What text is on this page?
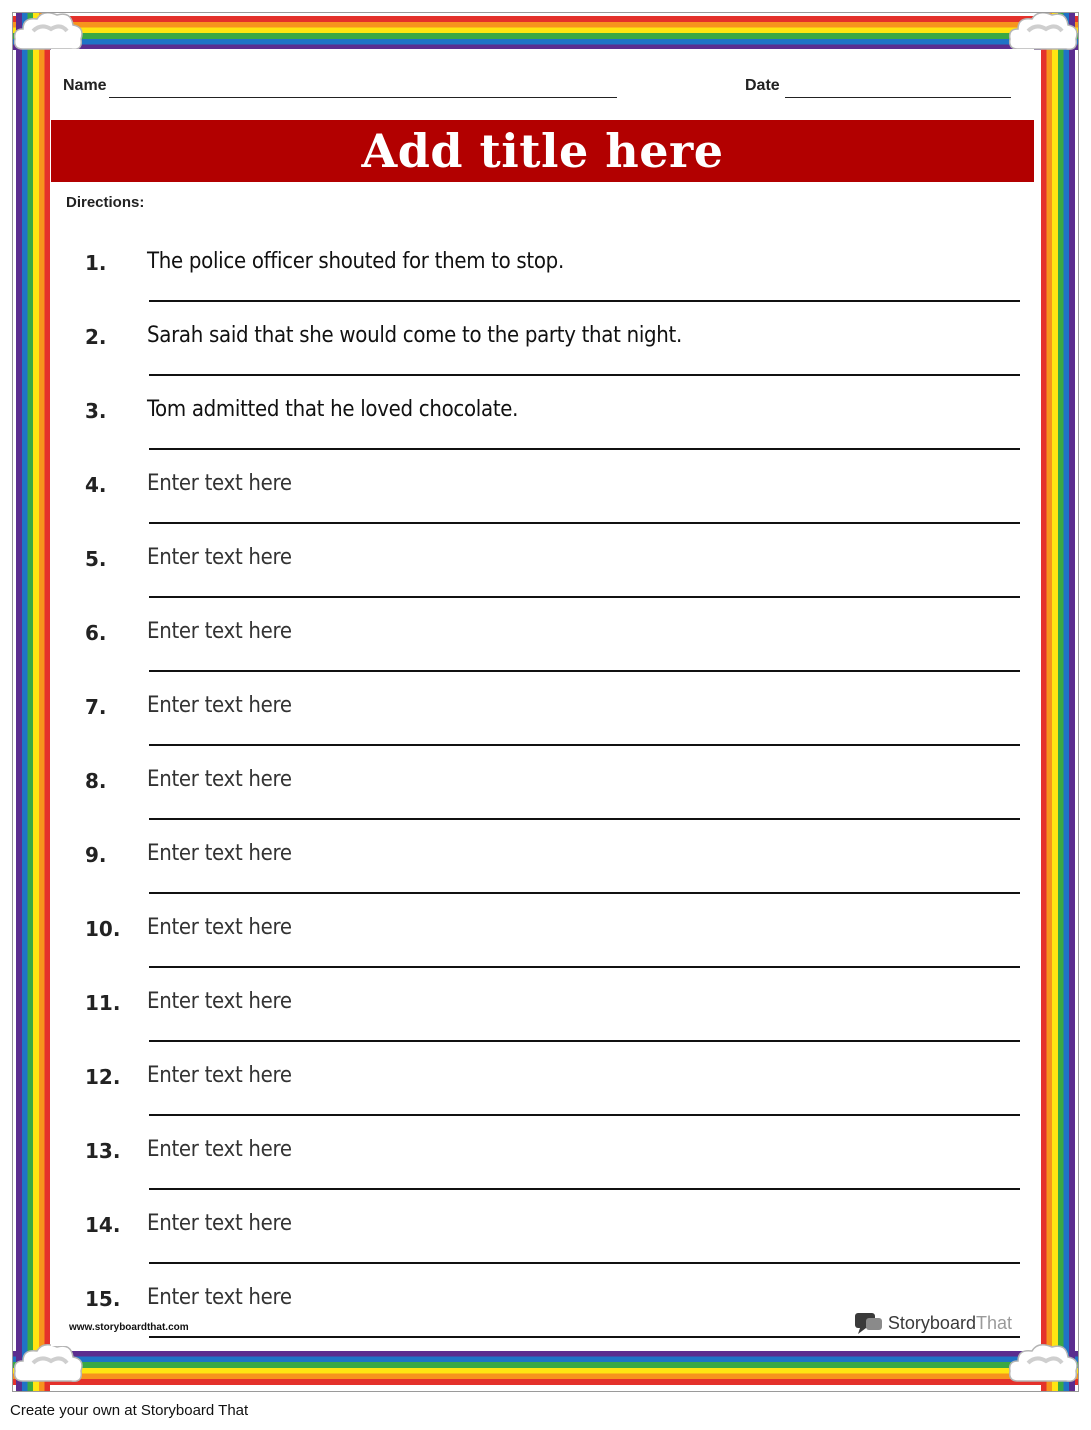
Name	Date
Add title here
Directions:
1. The police officer shouted for them to stop.
2. Sarah said that she would come to the party that night.
3. Tom admitted that he loved chocolate.
4. Enter text here
5. Enter text here
6. Enter text here
7. Enter text here
8. Enter text here
9. Enter text here
10. Enter text here
11. Enter text here
12. Enter text here
13. Enter text here
14. Enter text here
15. Enter text here
www.storyboardthat.com	StoryboardThat
Create your own at Storyboard That
